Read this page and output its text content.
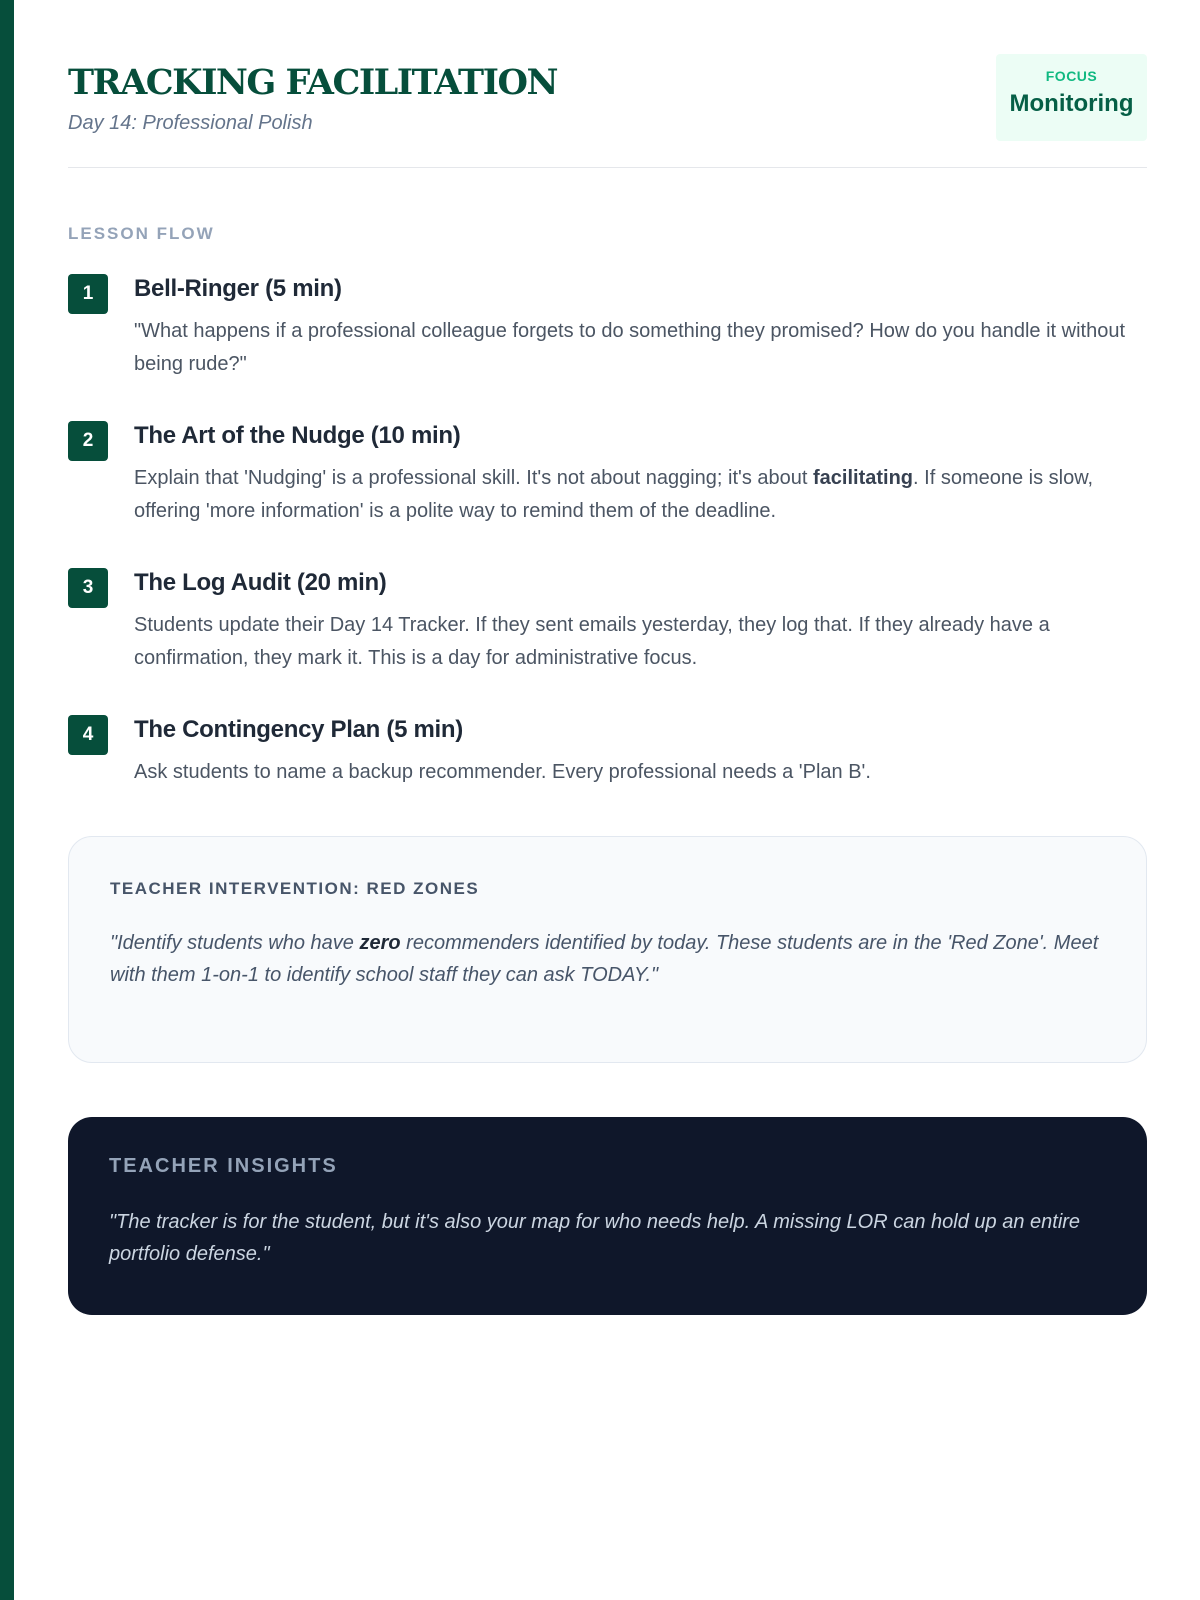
TRACKING FACILITATION
Day 14: Professional Polish
FOCUS
Monitoring
LESSON FLOW
1	Bell-Ringer (5 min)
"What happens if a professional colleague forgets to do something they promised? How do you handle it without being rude?"
2	The Art of the Nudge (10 min)
Explain that 'Nudging' is a professional skill. It's not about nagging; it's about facilitating. If someone is slow, offering 'more information' is a polite way to remind them of the deadline.
3	The Log Audit (20 min)
Students update their Day 14 Tracker. If they sent emails yesterday, they log that. If they already have a confirmation, they mark it. This is a day for administrative focus.
4	The Contingency Plan (5 min)
Ask students to name a backup recommender. Every professional needs a 'Plan B'.
TEACHER INTERVENTION: RED ZONES
"Identify students who have zero recommenders identified by today. These students are in the 'Red Zone'. Meet with them 1-on-1 to identify school staff they can ask TODAY."
TEACHER INSIGHTS
"The tracker is for the student, but it's also your map for who needs help. A missing LOR can hold up an entire portfolio defense."
